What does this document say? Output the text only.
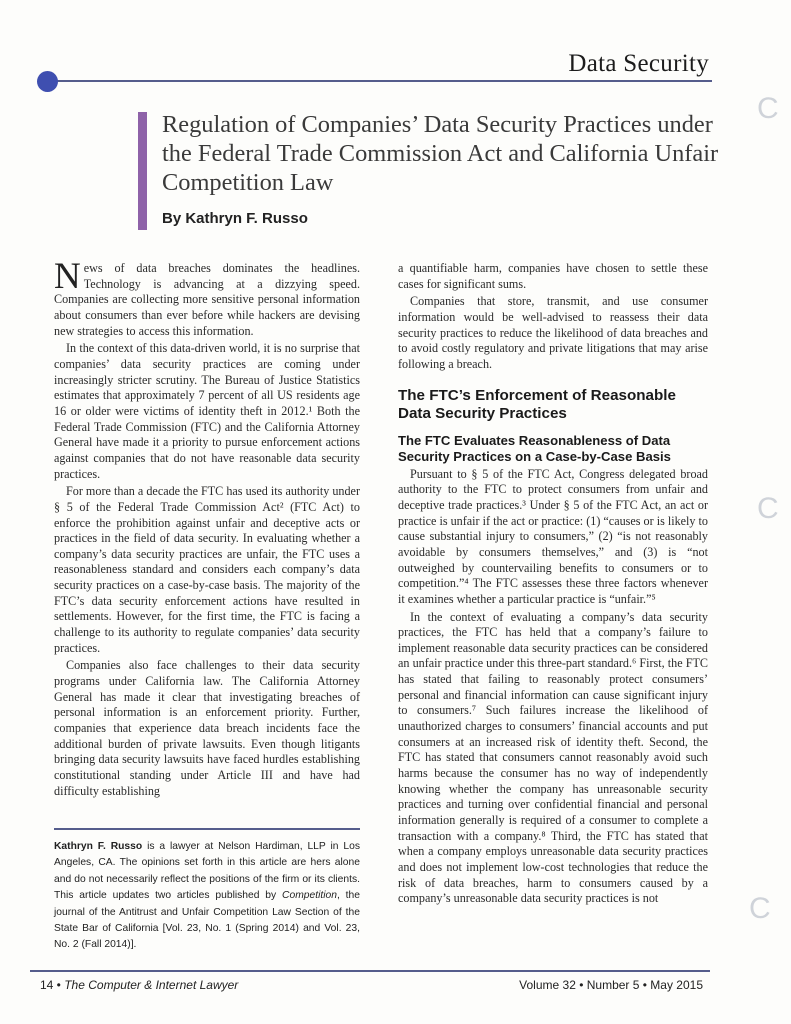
Data Security
Regulation of Companies’ Data Security Practices under the Federal Trade Commission Act and California Unfair Competition Law
By Kathryn F. Russo

News of data breaches dominates the headlines. Technology is advancing at a dizzying speed. Companies are collecting more sensitive personal information about consumers than ever before while hackers are devising new strategies to access this information.

In the context of this data-driven world, it is no surprise that companies’ data security practices are coming under increasingly stricter scrutiny. The Bureau of Justice Statistics estimates that approximately 7 percent of all US residents age 16 or older were victims of identity theft in 2012.¹ Both the Federal Trade Commission (FTC) and the California Attorney General have made it a priority to pursue enforcement actions against companies that do not have reasonable data security practices.

For more than a decade the FTC has used its authority under § 5 of the Federal Trade Commission Act² (FTC Act) to enforce the prohibition against unfair and deceptive acts or practices in the field of data security. In evaluating whether a company’s data security practices are unfair, the FTC uses a reasonableness standard and considers each company’s data security practices on a case-by-case basis. The majority of the FTC’s data security enforcement actions have resulted in settlements. However, for the first time, the FTC is facing a challenge to its authority to regulate companies’ data security practices.

Companies also face challenges to their data security programs under California law. The California Attorney General has made it clear that investigating breaches of personal information is an enforcement priority. Further, companies that experience data breach incidents face the additional burden of private lawsuits. Even though litigants bringing data security lawsuits have faced hurdles establishing constitutional standing under Article III and have had difficulty establishing

a quantifiable harm, companies have chosen to settle these cases for significant sums.

Companies that store, transmit, and use consumer information would be well-advised to reassess their data security practices to reduce the likelihood of data breaches and to avoid costly regulatory and private litigations that may arise following a breach.

The FTC’s Enforcement of Reasonable Data Security Practices
The FTC Evaluates Reasonableness of Data Security Practices on a Case-by-Case Basis

Pursuant to § 5 of the FTC Act, Congress delegated broad authority to the FTC to protect consumers from unfair and deceptive trade practices.³ Under § 5 of the FTC Act, an act or practice is unfair if the act or practice: (1) “causes or is likely to cause substantial injury to consumers,” (2) “is not reasonably avoidable by consumers themselves,” and (3) is “not outweighed by countervailing benefits to consumers or to competition.”⁴ The FTC assesses these three factors whenever it examines whether a particular practice is “unfair.”⁵

In the context of evaluating a company’s data security practices, the FTC has held that a company’s failure to implement reasonable data security practices can be considered an unfair practice under this three-part standard.⁶ First, the FTC has stated that failing to reasonably protect consumers’ personal and financial information can cause significant injury to consumers.⁷ Such failures increase the likelihood of unauthorized charges to consumers’ financial accounts and put consumers at an increased risk of identity theft. Second, the FTC has stated that consumers cannot reasonably avoid such harms because the consumer has no way of independently knowing whether the company has unreasonable security practices and turning over confidential financial and personal information generally is required of a consumer to complete a transaction with a company.⁸ Third, the FTC has stated that when a company employs unreasonable data security practices and does not implement low-cost technologies that reduce the risk of data breaches, harm to consumers caused by a company’s unreasonable data security practices is not

Kathryn F. Russo is a lawyer at Nelson Hardiman, LLP in Los Angeles, CA. The opinions set forth in this article are hers alone and do not necessarily reflect the positions of the firm or its clients. This article updates two articles published by Competition, the journal of the Antitrust and Unfair Competition Law Section of the State Bar of California [Vol. 23, No. 1 (Spring 2014) and Vol. 23, No. 2 (Fall 2014)].
14 • The Computer & Internet Lawyer	Volume 32 • Number 5 • May 2015
C
C
C
